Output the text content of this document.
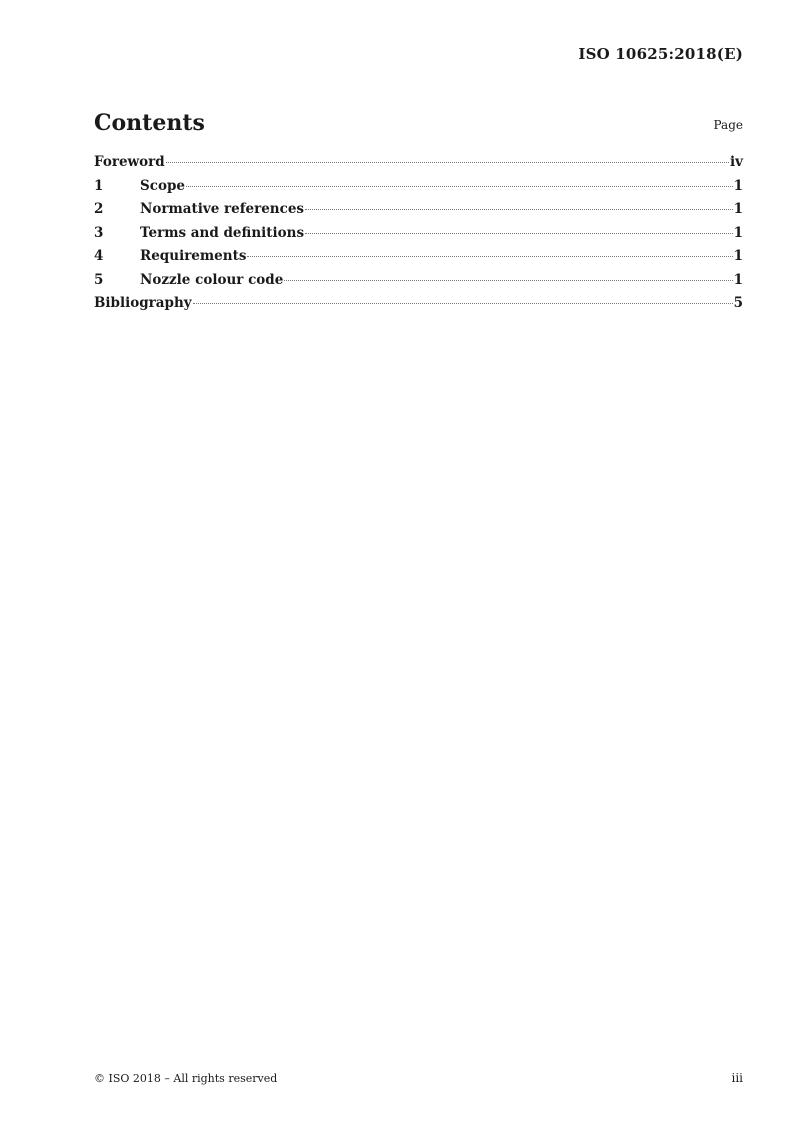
ISO 10625:2018(E)
Contents	Page
Foreword	iv
1	Scope	1
2	Normative references	1
3	Terms and definitions	1
4	Requirements	1
5	Nozzle colour code	1
Bibliography	5
© ISO 2018 – All rights reserved	iii
